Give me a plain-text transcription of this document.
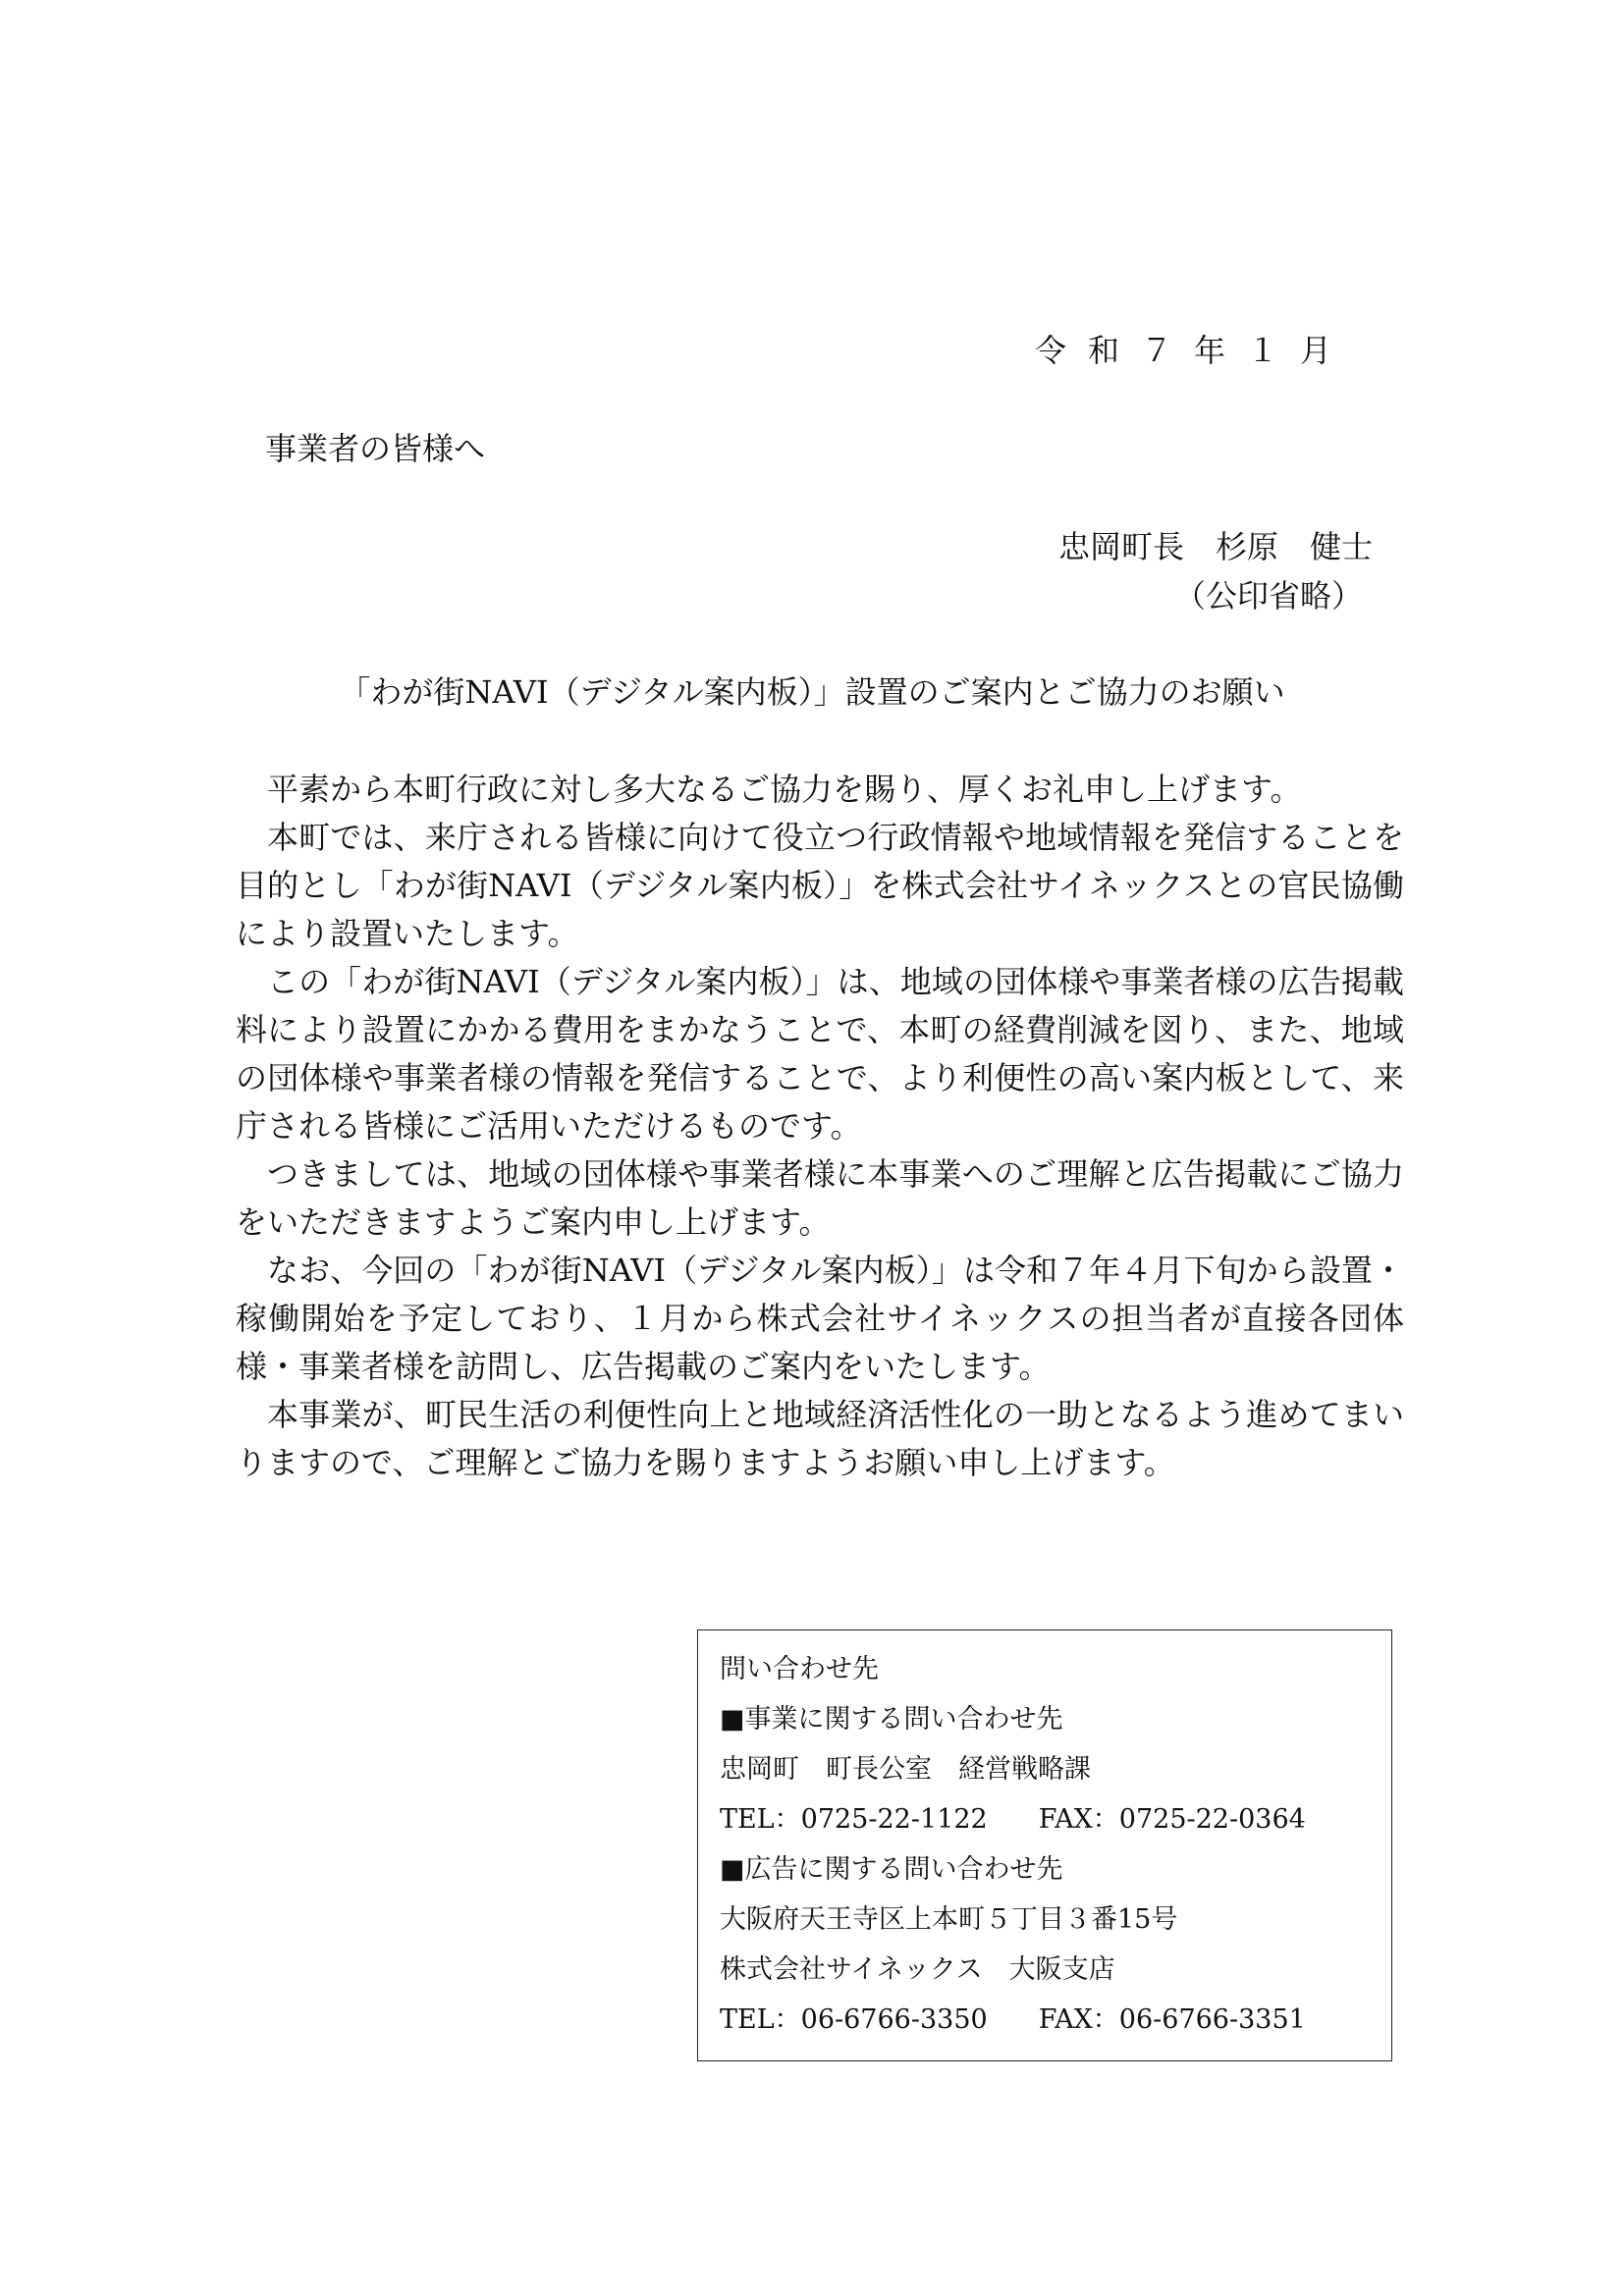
令和７年１月
事業者の皆様へ
忠岡町長　杉原　健士
（公印省略）
「わが街NAVI（デジタル案内板）」設置のご案内とご協力のお願い

平素から本町行政に対し多大なるご協力を賜り、厚くお礼申し上げます。

本町では、来庁される皆様に向けて役立つ行政情報や地域情報を発信することを目的とし「わが街NAVI（デジタル案内板）」を株式会社サイネックスとの官民協働により設置いたします。

この「わが街NAVI（デジタル案内板）」は、地域の団体様や事業者様の広告掲載料により設置にかかる費用をまかなうことで、本町の経費削減を図り、また、地域の団体様や事業者様の情報を発信することで、より利便性の高い案内板として、来庁される皆様にご活用いただけるものです。

つきましては、地域の団体様や事業者様に本事業へのご理解と広告掲載にご協力をいただきますようご案内申し上げます。

なお、今回の「わが街NAVI（デジタル案内板）」は令和７年４月下旬から設置・稼働開始を予定しており、１月から株式会社サイネックスの担当者が直接各団体様・事業者様を訪問し、広告掲載のご案内をいたします。

本事業が、町民生活の利便性向上と地域経済活性化の一助となるよう進めてまいりますので、ご理解とご協力を賜りますようお願い申し上げます。

問い合わせ先
■事業に関する問い合わせ先
忠岡町　町長公室　経営戦略課
TEL：0725-22-1122 FAX：0725-22-0364
■広告に関する問い合わせ先
大阪府天王寺区上本町５丁目３番15号
株式会社サイネックス　大阪支店
TEL：06-6766-3350 FAX：06-6766-3351
